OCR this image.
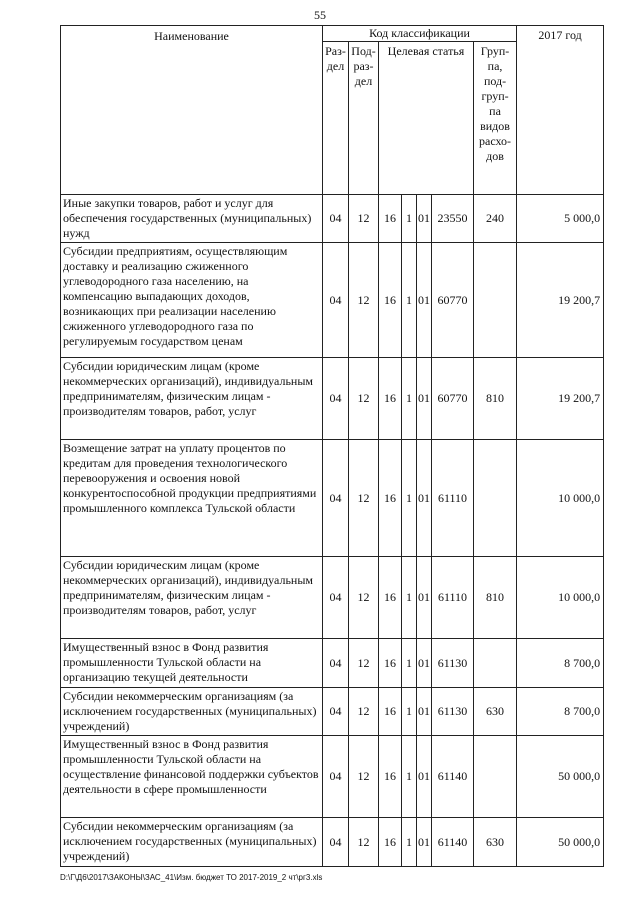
55
Наименование	Код классификации							2017 год
	Раз- дел	Под- раз- дел	Целевая статья				Груп- па, под- груп- па видов расхо- дов	
Иные закупки товаров, работ и услуг для обеспечения государственных (муниципальных) нужд	04	12	16	1	01	23550	240	5 000,0
Субсидии предприятиям, осуществляющим доставку и реализацию сжиженного углеводородного газа населению, на компенсацию выпадающих доходов, возникающих при реализации населению сжиженного углеводородного газа по регулируемым государством ценам	04	12	16	1	01	60770		19 200,7
Субсидии юридическим лицам (кроме некоммерческих организаций), индивидуальным предпринимателям, физическим лицам - производителям товаров, работ, услуг	04	12	16	1	01	60770	810	19 200,7
Возмещение затрат на уплату процентов по кредитам для проведения технологического перевооружения и освоения новой конкурентоспособной продукции предприятиями промышленного комплекса Тульской области	04	12	16	1	01	61110		10 000,0
Субсидии юридическим лицам (кроме некоммерческих организаций), индивидуальным предпринимателям, физическим лицам - производителям товаров, работ, услуг	04	12	16	1	01	61110	810	10 000,0
Имущественный взнос в Фонд развития промышленности Тульской области на организацию текущей деятельности	04	12	16	1	01	61130		8 700,0
Субсидии некоммерческим организациям (за исключением государственных (муниципальных) учреждений)	04	12	16	1	01	61130	630	8 700,0
Имущественный взнос в Фонд развития промышленности Тульской области на осуществление финансовой поддержки субъектов деятельности в сфере промышленности	04	12	16	1	01	61140		50 000,0
Субсидии некоммерческим организациям (за исключением государственных (муниципальных) учреждений)	04	12	16	1	01	61140	630	50 000,0
D:\Г\Д6\2017\ЗАКОНЫ\ЗАС_41\Изм. бюджет ТО 2017-2019_2 чт\рг3.xls
